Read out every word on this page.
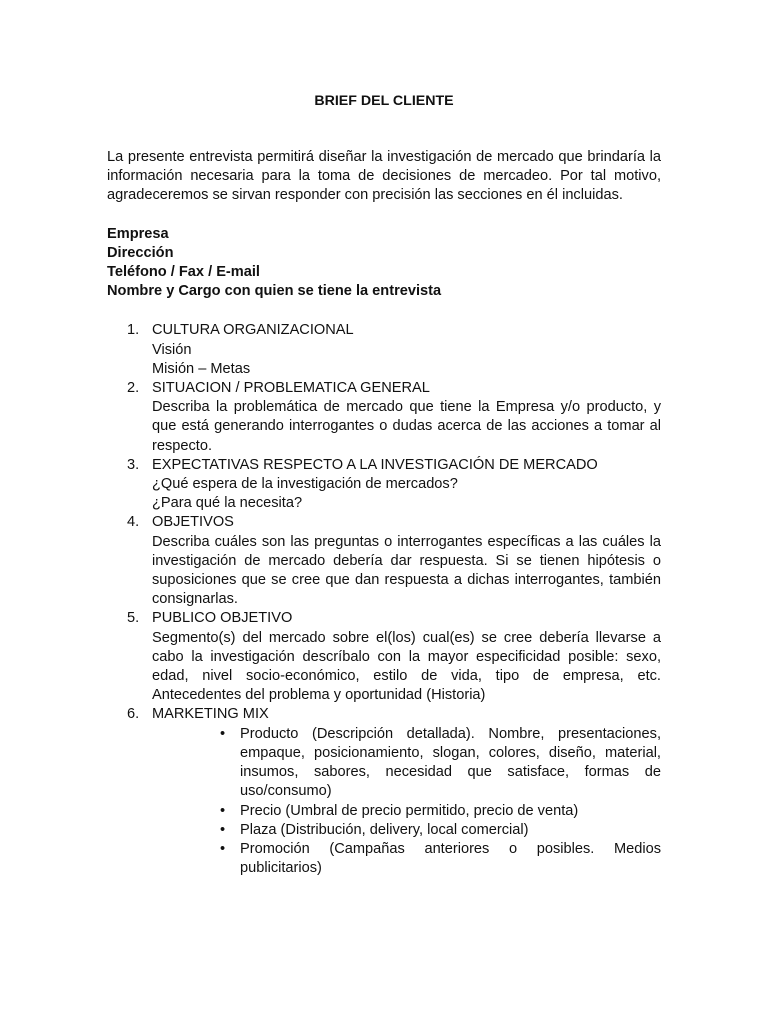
BRIEF DEL CLIENTE

La presente entrevista permitirá diseñar la investigación de mercado que brindaría la información necesaria para la toma de decisiones de mercadeo. Por tal motivo, agradeceremos se sirvan responder con precisión las secciones en él incluidas.

Empresa
Dirección
Teléfono / Fax / E-mail
Nombre y Cargo con quien se tiene la entrevista
1. CULTURA ORGANIZACIONAL
Visión
Misión – Metas
2. SITUACION / PROBLEMATICA GENERAL
Describa la problemática de mercado que tiene la Empresa y/o producto, y que está generando interrogantes o dudas acerca de las acciones a tomar al respecto.
3. EXPECTATIVAS RESPECTO A LA INVESTIGACIÓN DE MERCADO
¿Qué espera de la investigación de mercados?
¿Para qué la necesita?
4. OBJETIVOS
Describa cuáles son las preguntas o interrogantes específicas a las cuáles la investigación de mercado debería dar respuesta. Si se tienen hipótesis o suposiciones que se cree que dan respuesta a dichas interrogantes, también consignarlas.
5. PUBLICO OBJETIVO
Segmento(s) del mercado sobre el(los) cual(es) se cree debería llevarse a cabo la investigación descríbalo con la mayor especificidad posible: sexo, edad, nivel socio-económico, estilo de vida, tipo de empresa, etc. Antecedentes del problema y oportunidad (Historia)
6. MARKETING MIX
• Producto (Descripción detallada). Nombre, presentaciones, empaque, posicionamiento, slogan, colores, diseño, material, insumos, sabores, necesidad que satisface, formas de uso/consumo)
• Precio (Umbral de precio permitido, precio de venta)
• Plaza (Distribución, delivery, local comercial)
• Promoción (Campañas anteriores o posibles. Medios publicitarios)
